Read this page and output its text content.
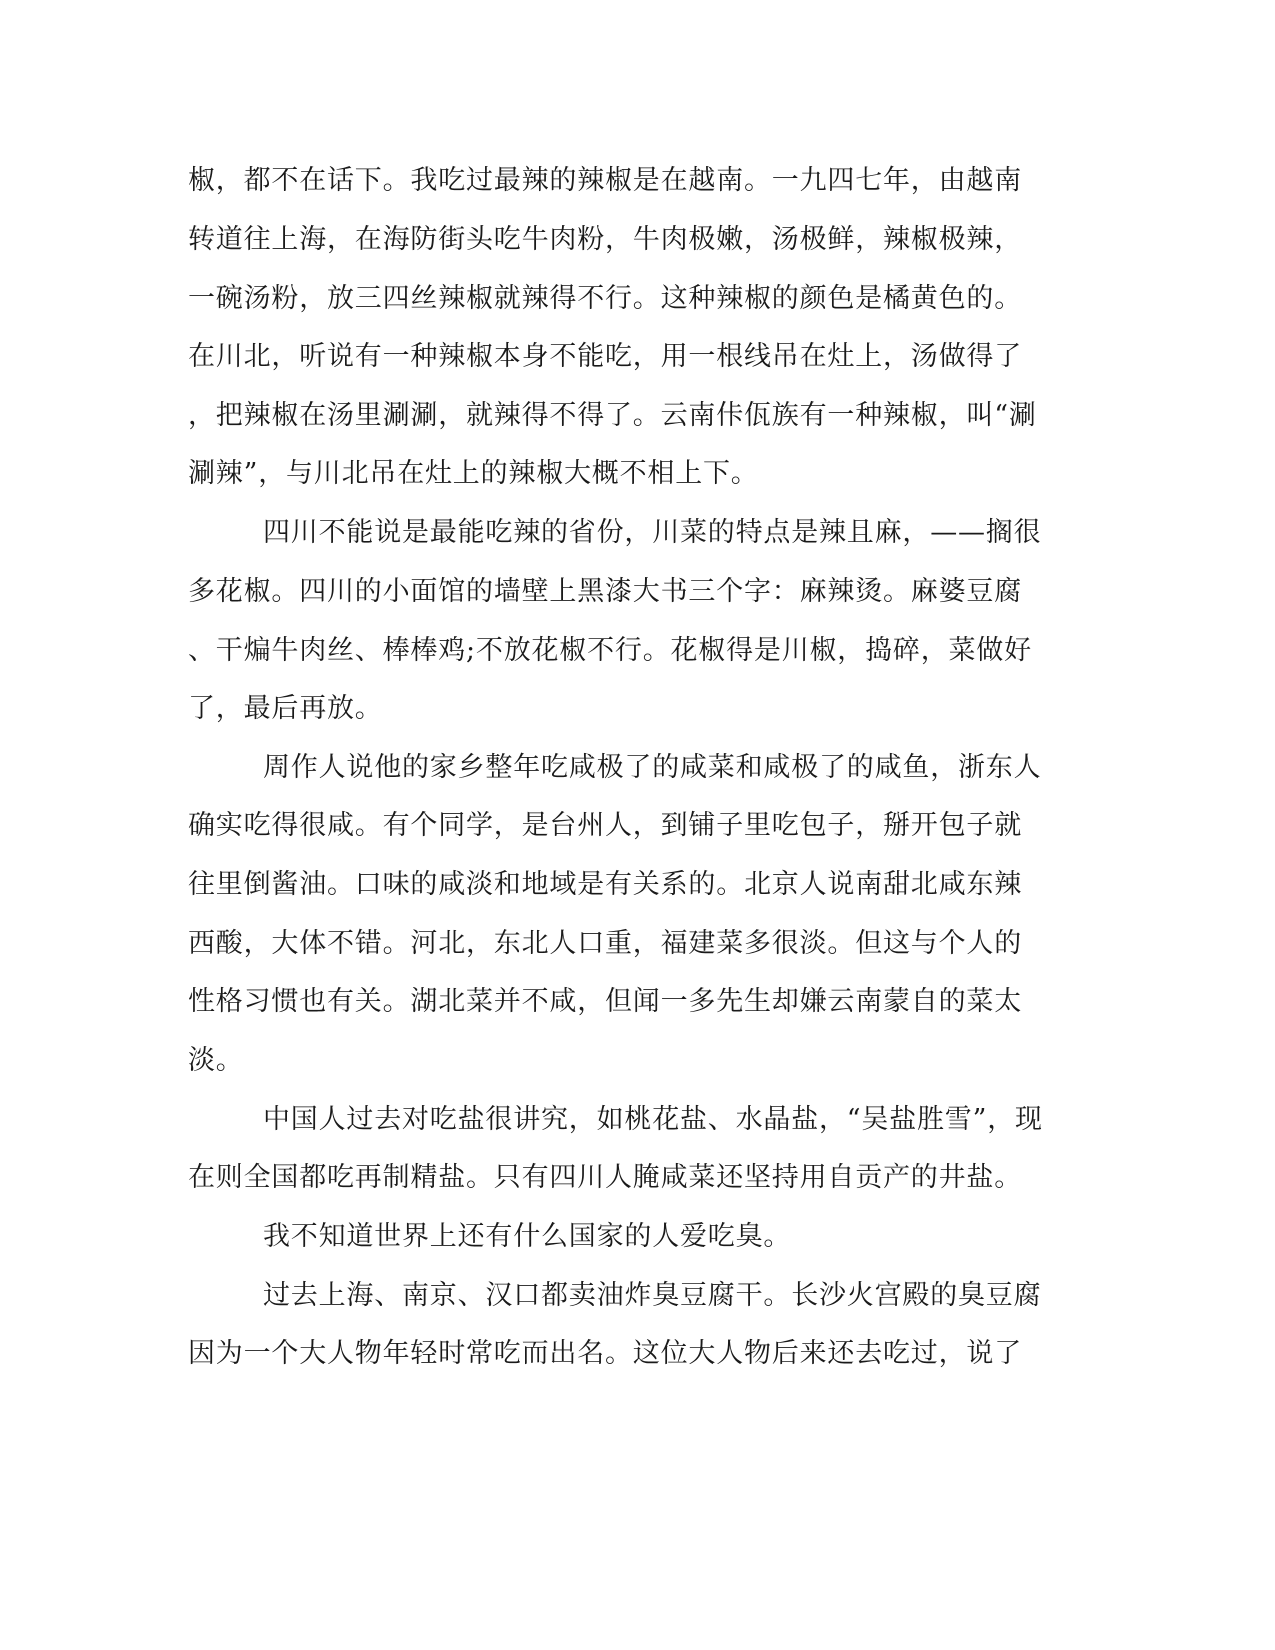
椒，都不在话下。我吃过最辣的辣椒是在越南。一九四七年，由越南
转道往上海，在海防街头吃牛肉粉，牛肉极嫩，汤极鲜，辣椒极辣，
一碗汤粉，放三四丝辣椒就辣得不行。这种辣椒的颜色是橘黄色的。
在川北，听说有一种辣椒本身不能吃，用一根线吊在灶上，汤做得了
，把辣椒在汤里涮涮，就辣得不得了。云南佧佤族有一种辣椒，叫“涮
涮辣”，与川北吊在灶上的辣椒大概不相上下。
四川不能说是最能吃辣的省份，川菜的特点是辣且麻，——搁很
多花椒。四川的小面馆的墙壁上黑漆大书三个字：麻辣烫。麻婆豆腐
、干煸牛肉丝、棒棒鸡;不放花椒不行。花椒得是川椒，捣碎，菜做好
了，最后再放。
周作人说他的家乡整年吃咸极了的咸菜和咸极了的咸鱼，浙东人
确实吃得很咸。有个同学，是台州人，到铺子里吃包子，掰开包子就
往里倒酱油。口味的咸淡和地域是有关系的。北京人说南甜北咸东辣
西酸，大体不错。河北，东北人口重，福建菜多很淡。但这与个人的
性格习惯也有关。湖北菜并不咸，但闻一多先生却嫌云南蒙自的菜太
淡。
中国人过去对吃盐很讲究，如桃花盐、水晶盐，“吴盐胜雪”，现
在则全国都吃再制精盐。只有四川人腌咸菜还坚持用自贡产的井盐。
我不知道世界上还有什么国家的人爱吃臭。
过去上海、南京、汉口都卖油炸臭豆腐干。长沙火宫殿的臭豆腐
因为一个大人物年轻时常吃而出名。这位大人物后来还去吃过，说了
